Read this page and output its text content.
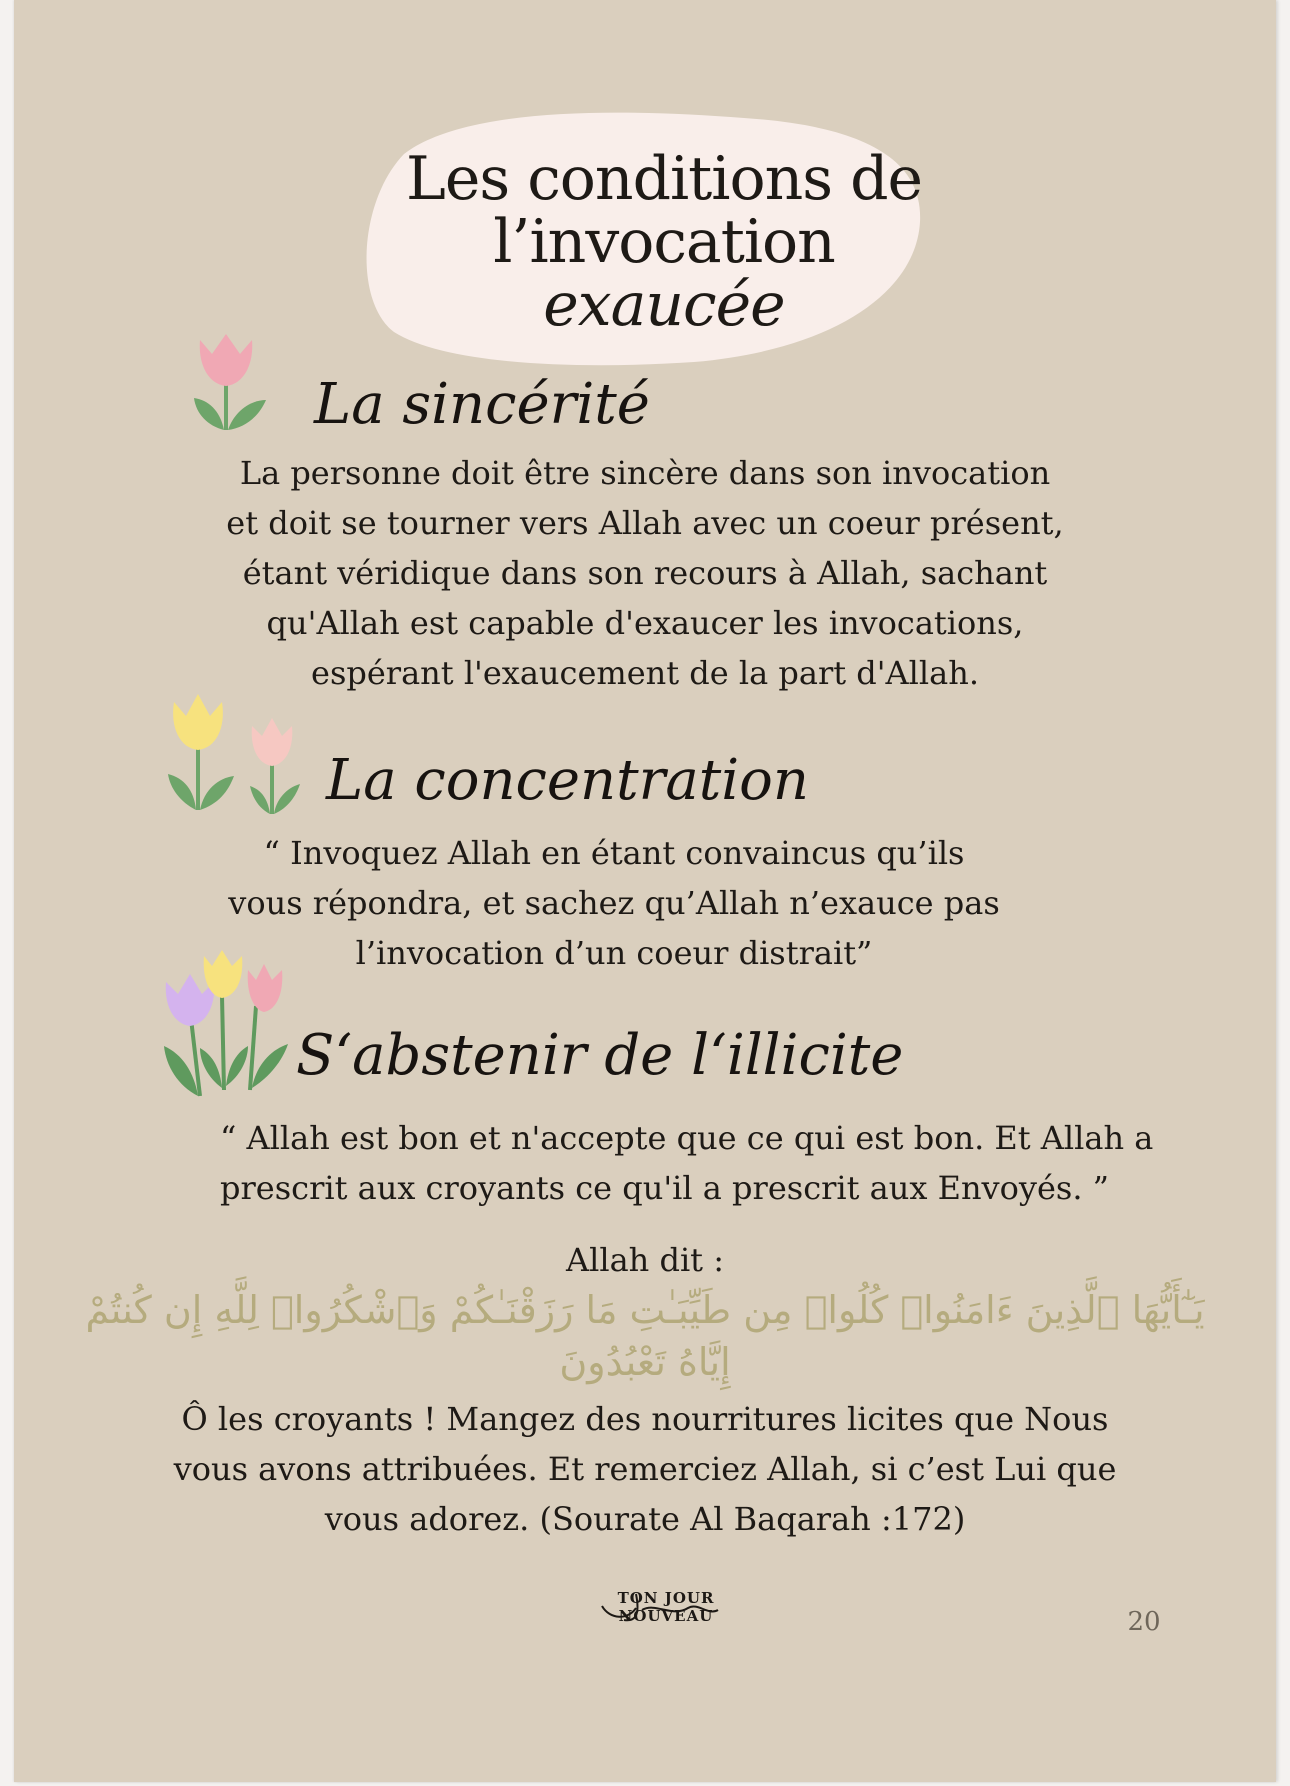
Les conditions de
l’invocation
exaucée
La sincérité
La personne doit être sincère dans son invocation
et doit se tourner vers Allah avec un coeur présent,
étant véridique dans son recours à Allah, sachant
qu'Allah est capable d'exaucer les invocations,
espérant l'exaucement de la part d'Allah.
La concentration
“ Invoquez Allah en étant convaincus qu’ils
vous répondra, et sachez qu’Allah n’exauce pas
l’invocation d’un coeur distrait”
S‘abstenir de l‘illicite
“ Allah est bon et n'accepte que ce qui est bon. Et Allah a
prescrit aux croyants ce qu'il a prescrit aux Envoyés. ”
Allah dit :
يَـٰٓأَيُّهَا ٱلَّذِينَ ءَامَنُوا۟ كُلُوا۟ مِن طَيِّبَـٰتِ مَا رَزَقْنَـٰكُمْ وَٱشْكُرُوا۟ لِلَّهِ إِن كُنتُمْ
إِيَّاهُ تَعْبُدُونَ
Ô les croyants ! Mangez des nourritures licites que Nous
vous avons attribuées. Et remerciez Allah, si c’est Lui que
vous adorez. (Sourate Al Baqarah :172)
TON JOUR NOUVEAU	20
